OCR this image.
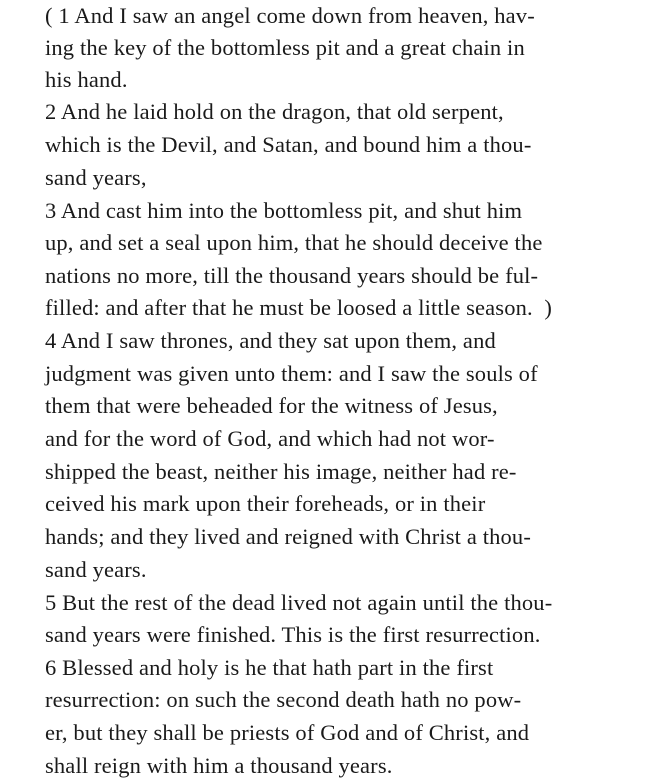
( 1 And I saw an angel come down from heaven, hav-
ing the key of the bottomless pit and a great chain in
his hand.
2 And he laid hold on the dragon, that old serpent,
which is the Devil, and Satan, and bound him a thou-
sand years,
3 And cast him into the bottomless pit, and shut him
up, and set a seal upon him, that he should deceive the
nations no more, till the thousand years should be ful-
filled: and after that he must be loosed a little season.  )
4 And I saw thrones, and they sat upon them, and
judgment was given unto them: and I saw the souls of
them that were beheaded for the witness of Jesus,
and for the word of God, and which had not wor-
shipped the beast, neither his image, neither had re-
ceived his mark upon their foreheads, or in their
hands; and they lived and reigned with Christ a thou-
sand years.
5 But the rest of the dead lived not again until the thou-
sand years were finished. This is the first resurrection.
6 Blessed and holy is he that hath part in the first
resurrection: on such the second death hath no pow-
er, but they shall be priests of God and of Christ, and
shall reign with him a thousand years.
